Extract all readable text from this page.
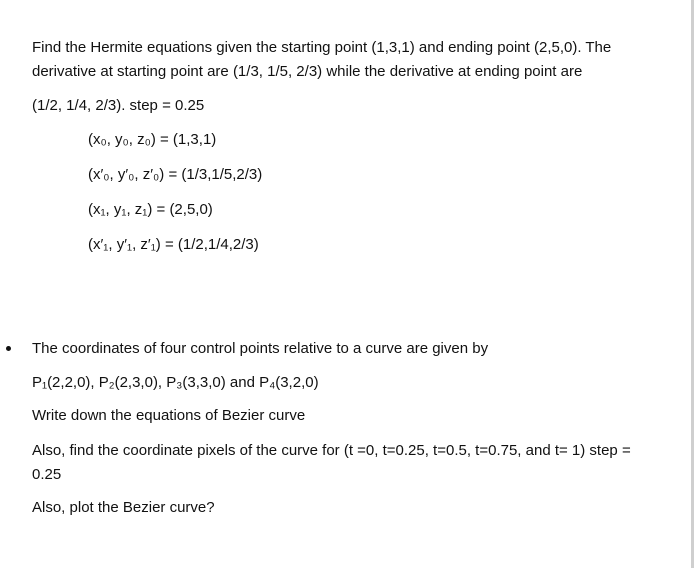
Find the Hermite equations given the starting point (1,3,1) and ending point (2,5,0). The
derivative at starting point are (1/3, 1/5, 2/3) while the derivative at ending point are
(1/2, 1/4, 2/3). step = 0.25
(x₀, y₀, z₀) = (1,3,1)
(x′₀, y′₀, z′₀) = (1/3,1/5,2/3)
(x₁, y₁, z₁) = (2,5,0)
(x′₁, y′₁, z′₁) = (1/2,1/4,2/3)
The coordinates of four control points relative to a curve are given by
P₁(2,2,0), P₂(2,3,0), P₃(3,3,0) and P₄(3,2,0)
Write down the equations of Bezier curve
Also, find the coordinate pixels of the curve for (t =0, t=0.25, t=0.5, t=0.75, and t= 1) step =
0.25
Also, plot the Bezier curve?
